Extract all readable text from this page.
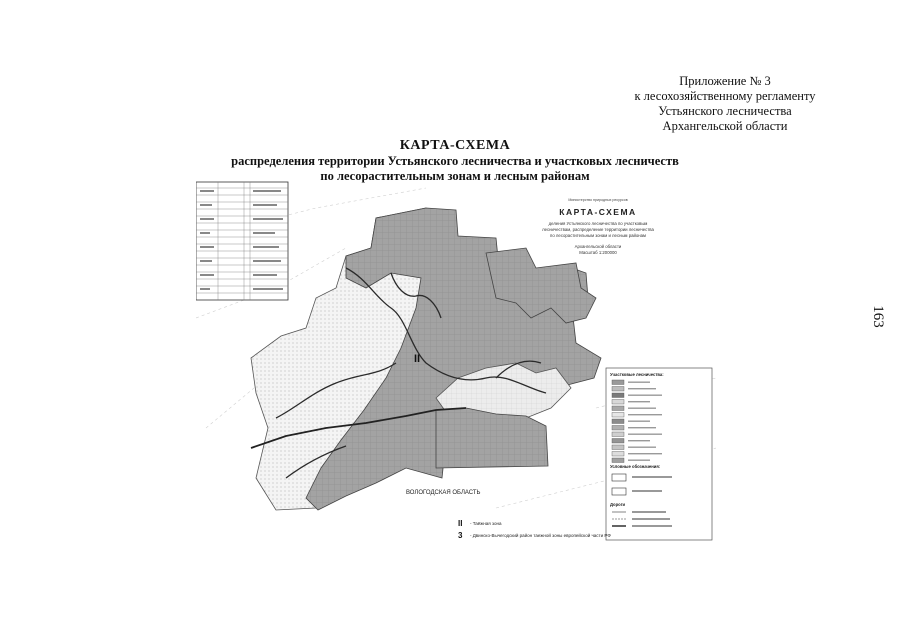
Приложение № 3
к лесохозяйственному регламенту
Устьянского лесничества
Архангельской области
КАРТА-СХЕМА
распределения территории Устьянского лесничества и участковых лесничеств
по лесорастительным зонам и лесным районам
163
II
ВОЛОГОДСКАЯ ОБЛАСТЬ
Министерство природных ресурсов
КАРТА-СХЕМА
деления Устьянского лесничества по участковым
лесничествам, распределение территории лесничества
по лесорастительным зонам и лесным районам
Архангельской области
Масштаб 1:200000
Участковые лесничества:
Условные обозначения:
Дороги
II - Таёжная зона
3 - Двинско-Вычегодский район таежной зоны европейской части РФ
